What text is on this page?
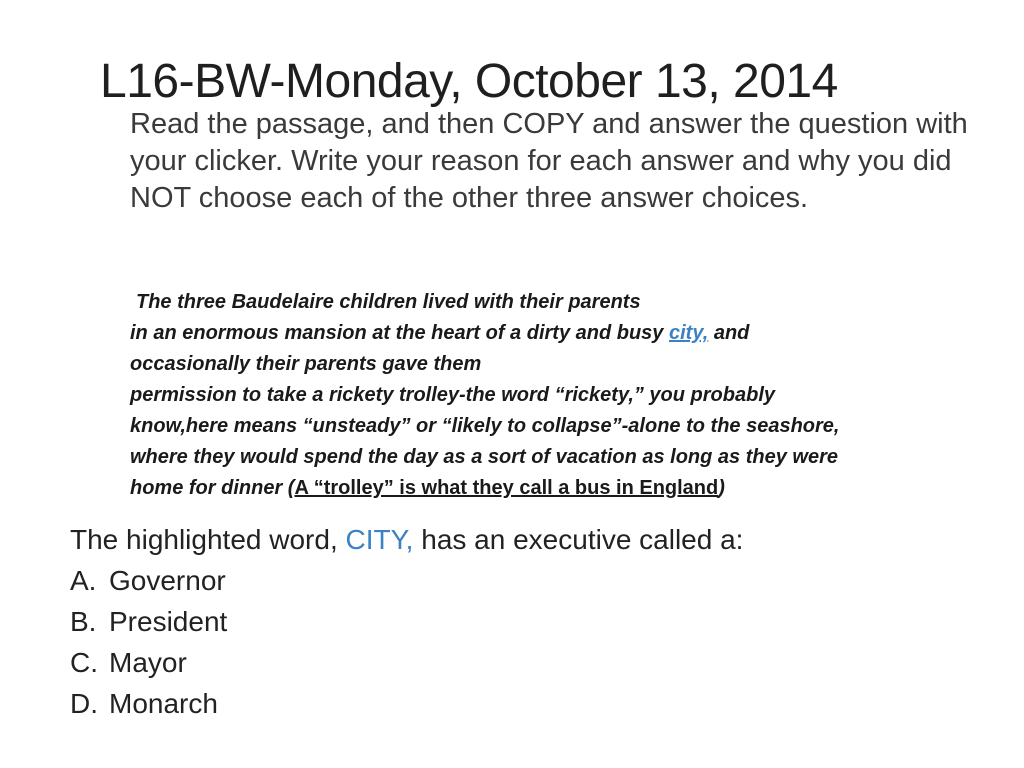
L16-BW-Monday, October 13, 2014
Read the passage, and then COPY and answer the question with your clicker. Write your reason for each answer and why you did NOT choose each of the other three answer choices.
The three Baudelaire children lived with their parents
in an enormous mansion at the heart of a dirty and busy city, and
occasionally their parents gave them
permission to take a rickety trolley-the word “rickety,” you probably
know,here means “unsteady” or “likely to collapse”-alone to the seashore,
where they would spend the day as a sort of vacation as long as they were
home for dinner (A “trolley” is what they call a bus in England)
The highlighted word, CITY, has an executive called a:
A. Governor
B. President
C. Mayor
D. Monarch
